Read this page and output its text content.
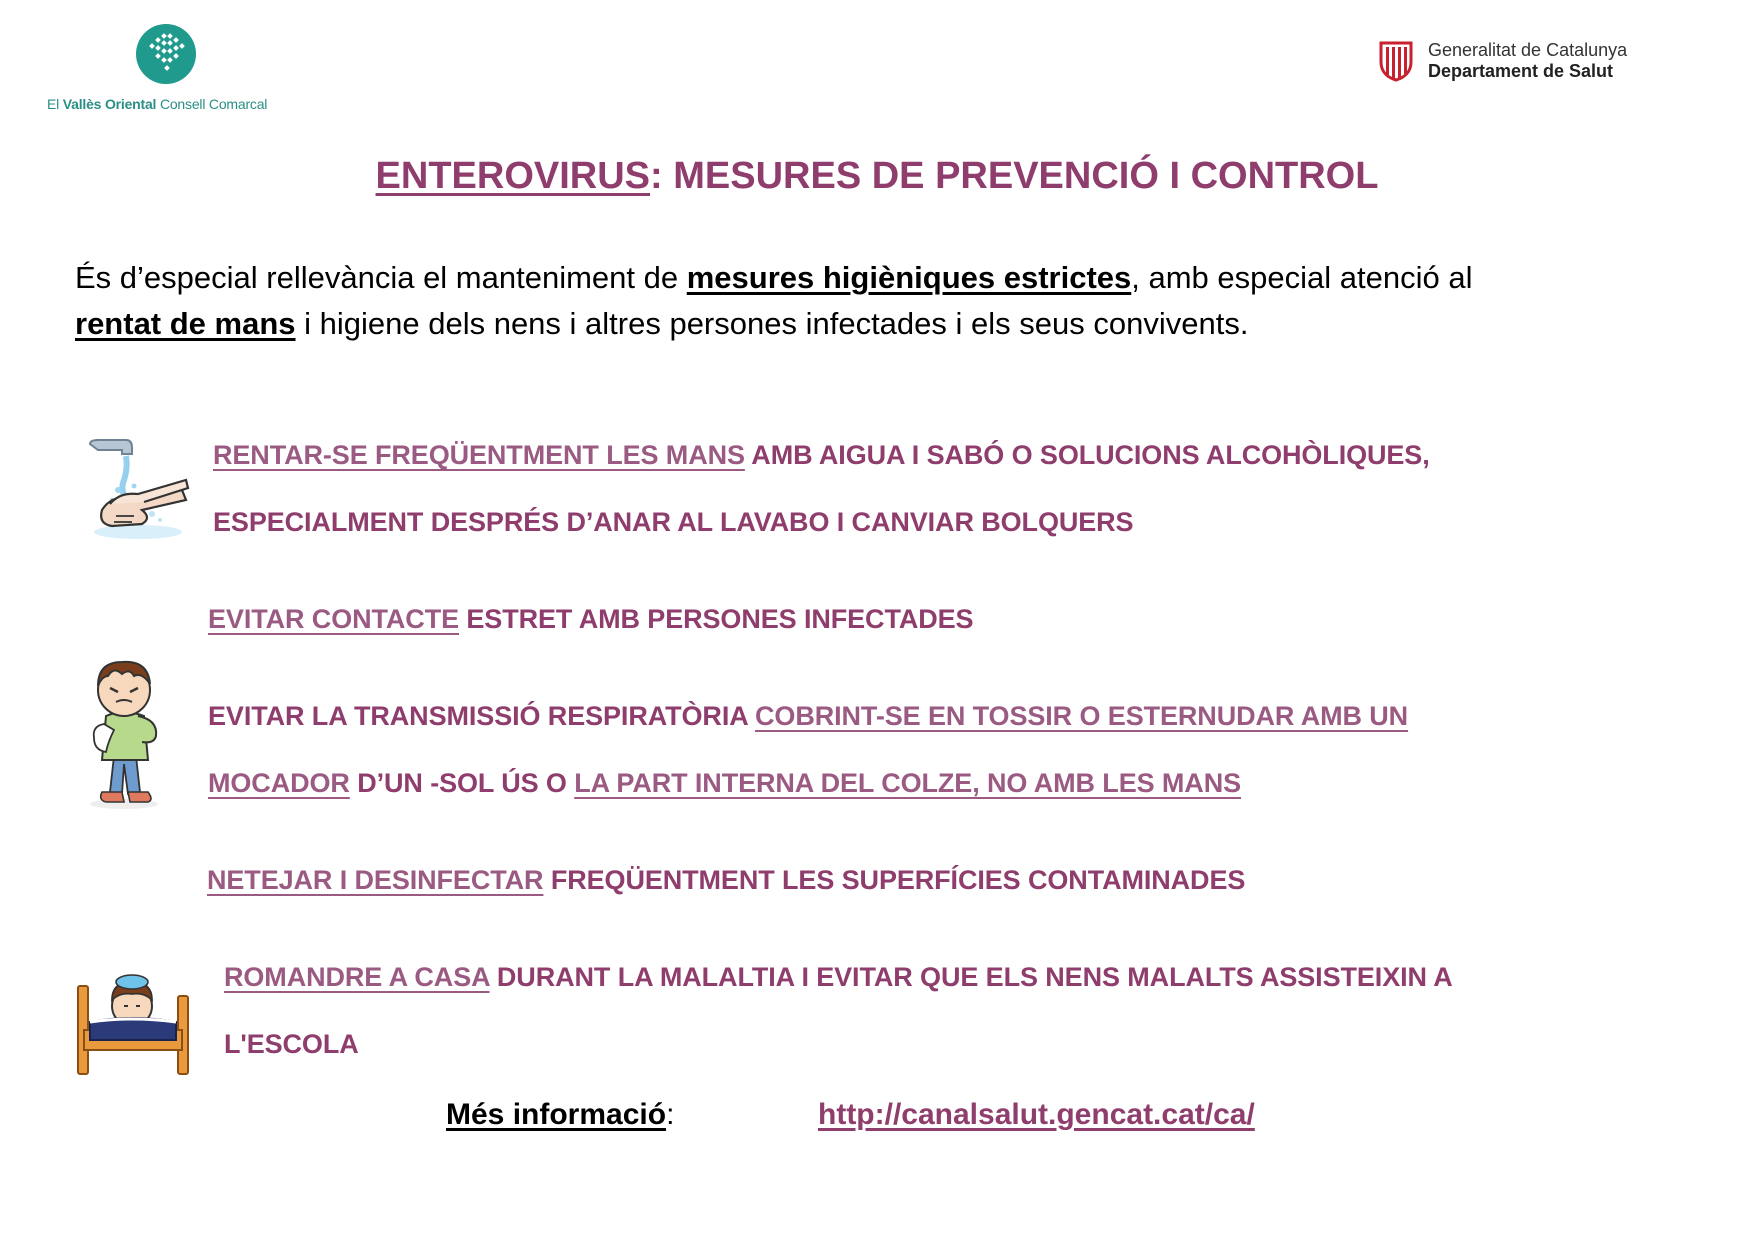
El Vallès Oriental Consell Comarcal
Generalitat de Catalunya
Departament de Salut
ENTEROVIRUS: MESURES DE PREVENCIÓ I CONTROL
És d’especial rellevància el manteniment de mesures higièniques estrictes, amb especial atenció al
rentat de mans i higiene dels nens i altres persones infectades i els seus convivents.
RENTAR-SE FREQÜENTMENT LES MANS AMB AIGUA I SABÓ O SOLUCIONS ALCOHÒLIQUES,
ESPECIALMENT DESPRÉS D’ANAR AL LAVABO I CANVIAR BOLQUERS
EVITAR CONTACTE ESTRET AMB PERSONES INFECTADES
EVITAR LA TRANSMISSIÓ RESPIRATÒRIA COBRINT-SE EN TOSSIR O ESTERNUDAR AMB UN
MOCADOR D’UN -SOL ÚS O LA PART INTERNA DEL COLZE, NO AMB LES MANS
NETEJAR I DESINFECTAR FREQÜENTMENT LES SUPERFÍCIES CONTAMINADES
ROMANDRE A CASA DURANT LA MALALTIA I EVITAR QUE ELS NENS MALALTS ASSISTEIXIN A
L'ESCOLA
Més informació:	http://canalsalut.gencat.cat/ca/
